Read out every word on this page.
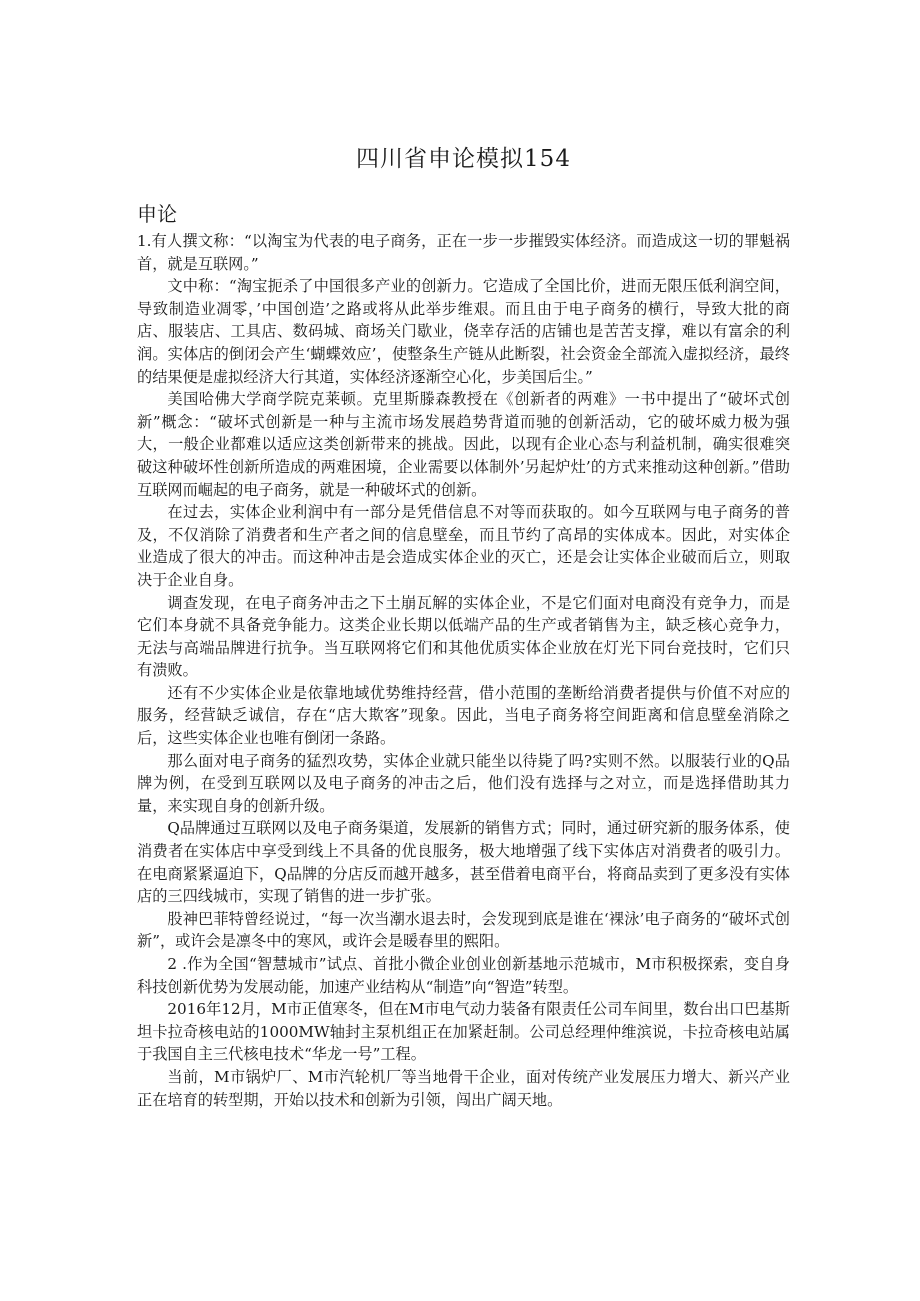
四川省申论模拟154
申论

1.有人撰文称：“以淘宝为代表的电子商务，正在一步一步摧毁实体经济。而造成这一切的罪魁祸首，就是互联网。”

文中称：“淘宝扼杀了中国很多产业的创新力。它造成了全国比价，进而无限压低利润空间，导致制造业凋零，’中国创造’之路或将从此举步维艰。而且由于电子商务的横行，导致大批的商店、服装店、工具店、数码城、商场关门歇业，侥幸存活的店铺也是苦苦支撑，难以有富余的利润。实体店的倒闭会产生‘蝴蝶效应’，使整条生产链从此断裂，社会资金全部流入虚拟经济，最终的结果便是虚拟经济大行其道，实体经济逐渐空心化，步美国后尘。”

美国哈佛大学商学院克莱顿。克里斯滕森教授在《创新者的两难》一书中提出了“破坏式创新”概念：“破坏式创新是一种与主流市场发展趋势背道而驰的创新活动，它的破坏威力极为强大，一般企业都难以适应这类创新带来的挑战。因此，以现有企业心态与利益机制，确实很难突破这种破坏性创新所造成的两难困境，企业需要以体制外’另起炉灶’的方式来推动这种创新。”借助互联网而崛起的电子商务，就是一种破坏式的创新。

在过去，实体企业利润中有一部分是凭借信息不对等而获取的。如今互联网与电子商务的普及，不仅消除了消费者和生产者之间的信息壁垒，而且节约了高昂的实体成本。因此，对实体企业造成了很大的冲击。而这种冲击是会造成实体企业的灭亡，还是会让实体企业破而后立，则取决于企业自身。

调查发现，在电子商务冲击之下土崩瓦解的实体企业，不是它们面对电商没有竞争力，而是它们本身就不具备竞争能力。这类企业长期以低端产品的生产或者销售为主，缺乏核心竞争力，无法与高端品牌进行抗争。当互联网将它们和其他优质实体企业放在灯光下同台竞技时，它们只有溃败。

还有不少实体企业是依靠地域优势维持经营，借小范围的垄断给消费者提供与价值不对应的服务，经营缺乏诚信，存在“店大欺客”现象。因此，当电子商务将空间距离和信息壁垒消除之后，这些实体企业也唯有倒闭一条路。

那么面对电子商务的猛烈攻势，实体企业就只能坐以待毙了吗?实则不然。以服装行业的Q品牌为例，在受到互联网以及电子商务的冲击之后，他们没有选择与之对立，而是选择借助其力量，来实现自身的创新升级。

Q品牌通过互联网以及电子商务渠道，发展新的销售方式；同时，通过研究新的服务体系，使消费者在实体店中享受到线上不具备的优良服务，极大地增强了线下实体店对消费者的吸引力。在电商紧紧逼迫下，Q品牌的分店反而越开越多，甚至借着电商平台，将商品卖到了更多没有实体店的三四线城市，实现了销售的进一步扩张。

股神巴菲特曾经说过，“每一次当潮水退去时，会发现到底是谁在‘裸泳’电子商务的“破坏式创新”，或许会是凛冬中的寒风，或许会是暖春里的熙阳。

2 .作为全国“智慧城市”试点、首批小微企业创业创新基地示范城市，M市积极探索，变自身科技创新优势为发展动能，加速产业结构从“制造”向“智造”转型。

2016年12月，M市正值寒冬，但在M市电气动力装备有限责任公司车间里，数台出口巴基斯坦卡拉奇核电站的1000MW轴封主泵机组正在加紧赶制。公司总经理仲维滨说，卡拉奇核电站属于我国自主三代核电技术“华龙一号”工程。

当前，M市锅炉厂、M市汽轮机厂等当地骨干企业，面对传统产业发展压力增大、新兴产业正在培育的转型期，开始以技术和创新为引领，闯出广阔天地。
